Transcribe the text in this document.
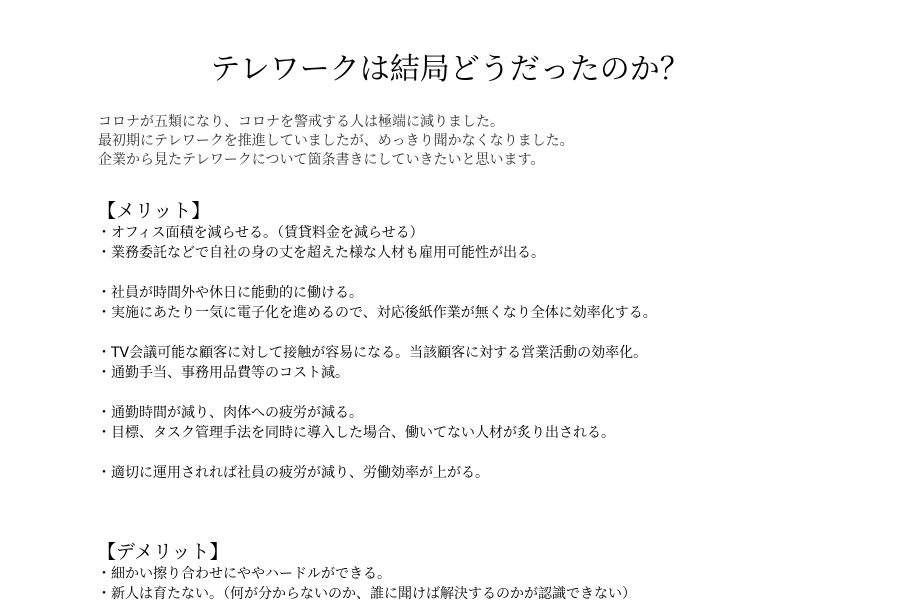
テレワークは結局どうだったのか？
コロナが五類になり、コロナを警戒する人は極端に減りました。
最初期にテレワークを推進していましたが、めっきり聞かなくなりました。
企業から見たテレワークについて箇条書きにしていきたいと思います。
【メリット】
・オフィス面積を減らせる。（賃貸料金を減らせる）
・業務委託などで自社の身の丈を超えた様な人材も雇用可能性が出る。
・社員が時間外や休日に能動的に働ける。
・実施にあたり一気に電子化を進めるので、対応後紙作業が無くなり全体に効率化する。
・TV会議可能な顧客に対して接触が容易になる。当該顧客に対する営業活動の効率化。
・通勤手当、事務用品費等のコスト減。
・通勤時間が減り、肉体への疲労が減る。
・目標、タスク管理手法を同時に導入した場合、働いてない人材が炙り出される。
・適切に運用されれば社員の疲労が減り、労働効率が上がる。
【デメリット】
・細かい擦り合わせにややハードルができる。
・新人は育たない。（何が分からないのか、誰に聞けば解決するのかが認識できない）
